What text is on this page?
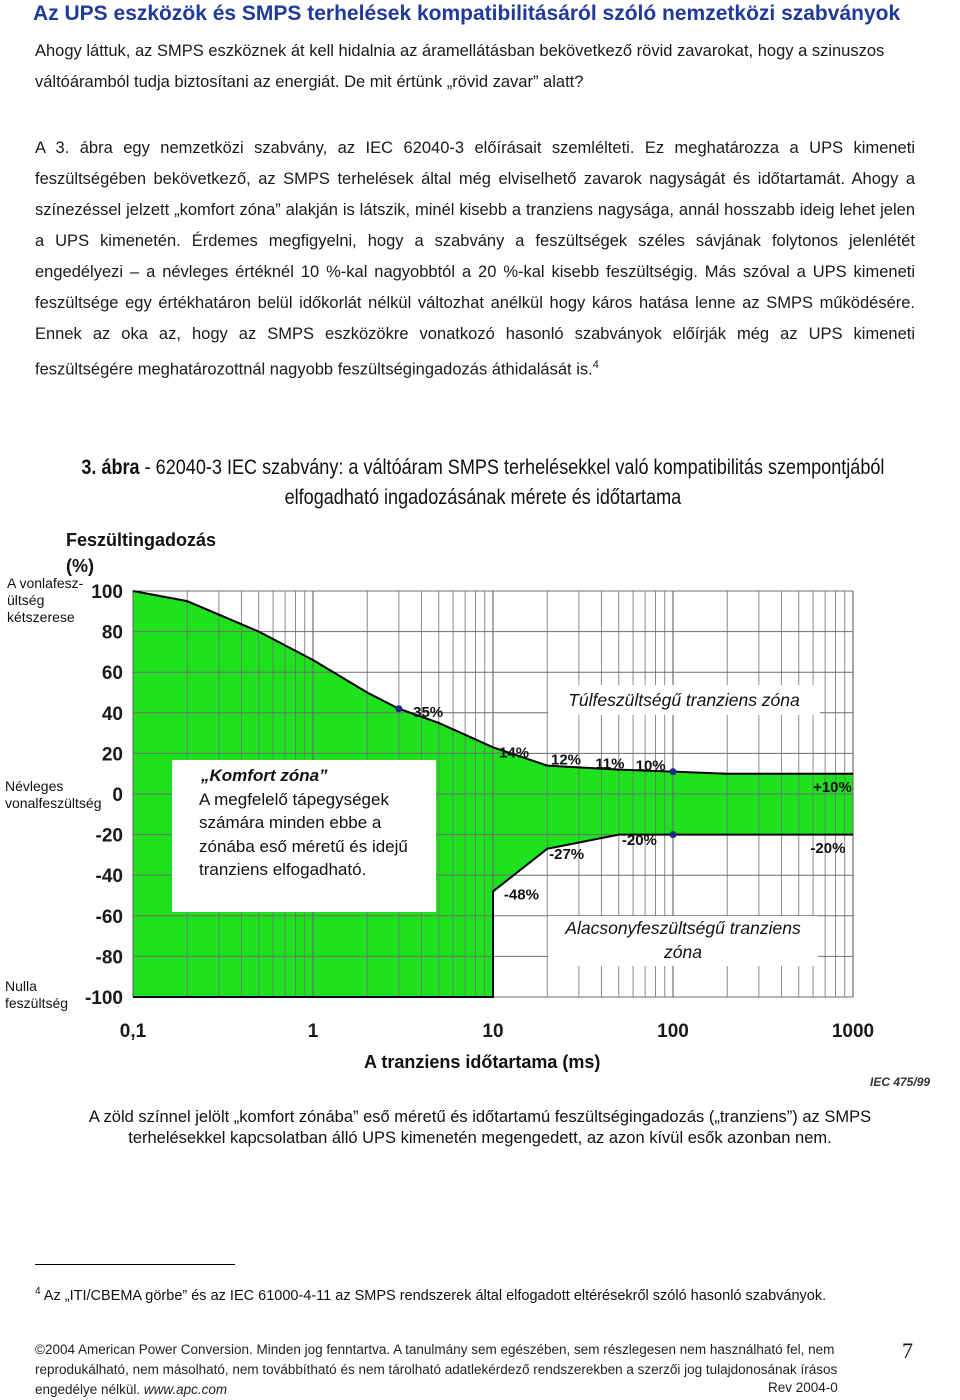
Az UPS eszközök és SMPS terhelések kompatibilitásáról szóló nemzetközi szabványok
Ahogy láttuk, az SMPS eszköznek át kell hidalnia az áramellátásban bekövetkező rövid zavarokat, hogy a szinuszos váltóáramból tudja biztosítani az energiát. De mit értünk „rövid zavar” alatt?
A 3. ábra egy nemzetközi szabvány, az IEC 62040-3 előírásait szemlélteti. Ez meghatározza a UPS kimeneti feszültségében bekövetkező, az SMPS terhelések által még elviselhető zavarok nagyságát és időtartamát. Ahogy a színezéssel jelzett „komfort zóna” alakján is látszik, minél kisebb a tranziens nagysága, annál hosszabb ideig lehet jelen a UPS kimenetén. Érdemes megfigyelni, hogy a szabvány a feszültségek széles sávjának folytonos jelenlétét engedélyezi – a névleges értéknél 10 %-kal nagyobbtól a 20 %-kal kisebb feszültségig. Más szóval a UPS kimeneti feszültsége egy értékhatáron belül időkorlát nélkül változhat anélkül hogy káros hatása lenne az SMPS működésére. Ennek az oka az, hogy az SMPS eszközökre vonatkozó hasonló szabványok előírják még az UPS kimeneti feszültségére meghatározottnál nagyobb feszültségingadozás áthidalását is.$^4$
3. ábra - 62040-3 IEC szabvány: a váltóáram SMPS terhelésekkel való kompatibilitás szempontjából elfogadható ingadozásának mérete és időtartama
Feszültingadozás (%)
100
80
60
40
20
0
-20
-40
-60
-80
-100
0,1	1	10	100	1000
35%
14% 12% 11% 10%
+10%
-20%
-20%
-27%
-48%
A vonlafesz-ültség kétszerese
Névleges vonalfeszültség
Nulla feszültség
Túlfeszültségű tranziens zóna
„Komfort zóna”
A megfelelő tápegységek számára minden ebbe a zónába eső méretű és idejű tranziens elfogadható.
Alacsonyfeszültségű tranziens zóna
A tranziens időtartama (ms)
IEC 475/99
A zöld színnel jelölt „komfort zónába” eső méretű és időtartamú feszültségingadozás („tranziens”) az SMPS terhelésekkel kapcsolatban álló UPS kimenetén megengedett, az azon kívül esők azonban nem.
$^4$ Az „ITI/CBEMA görbe” és az IEC 61000-4-11 az SMPS rendszerek által elfogadott eltérésekről szóló hasonló szabványok.
©2004 American Power Conversion. Minden jog fenntartva. A tanulmány sem egészében, sem részlegesen nem használható fel, nem reprodukálható, nem másolható, nem továbbítható és nem tárolható adatlekérdező rendszerekben a szerzői jog tulajdonosának írásos engedélye nélkül. www.apc.com
7
Rev 2004-0
